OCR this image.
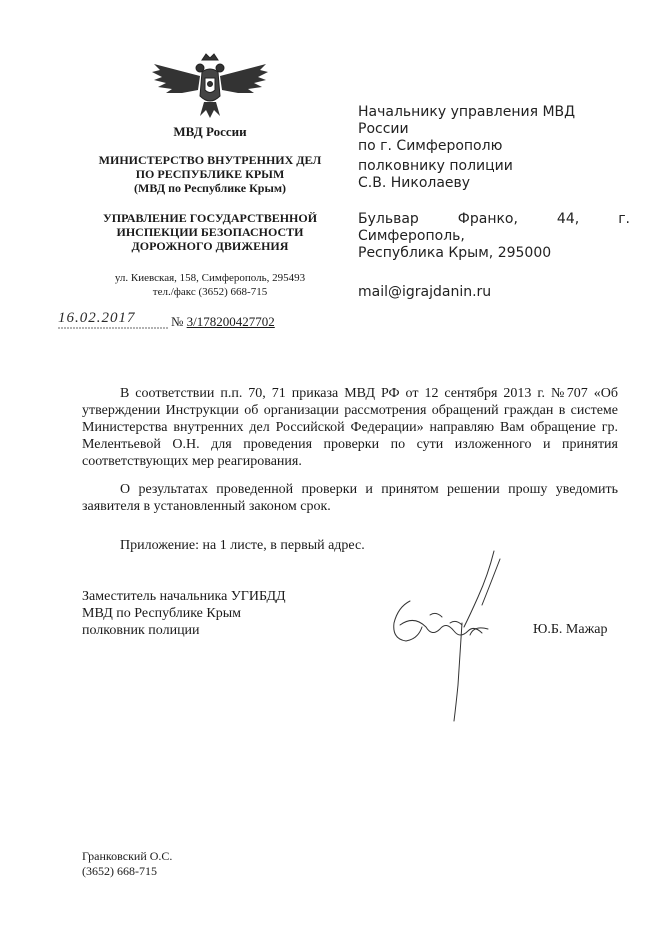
МВД России
МИНИСТЕРСТВО ВНУТРЕННИХ ДЕЛ
ПО РЕСПУБЛИКЕ КРЫМ
(МВД по Республике Крым)
УПРАВЛЕНИЕ ГОСУДАРСТВЕННОЙ
ИНСПЕКЦИИ БЕЗОПАСНОСТИ
ДОРОЖНОГО ДВИЖЕНИЯ
ул. Киевская, 158, Симферополь, 295493
тел./факс (3652) 668-715
16.02.2017	№ 3/178200427702
Начальнику управления МВД России
по г. Симферополю
полковнику полиции
С.В. Николаеву
Бульвар Франко, 44, г. Симферополь,
Республика Крым, 295000
mail@igrajdanin.ru
В соответствии п.п. 70, 71 приказа МВД РФ от 12 сентября 2013 г. №707 «Об утверждении Инструкции об организации рассмотрения обращений граждан в системе Министерства внутренних дел Российской Федерации» направляю Вам обращение гр. Мелентьевой О.Н. для проведения проверки по сути изложенного и принятия соответствующих мер реагирования.
О результатах проведенной проверки и принятом решении прошу уведомить заявителя в установленный законом срок.
Приложение: на 1 листе, в первый адрес.
Заместитель начальника УГИБДД
МВД по Республике Крым
полковник полиции	Ю.Б. Мажар
Гранковский О.С.
(3652) 668-715
